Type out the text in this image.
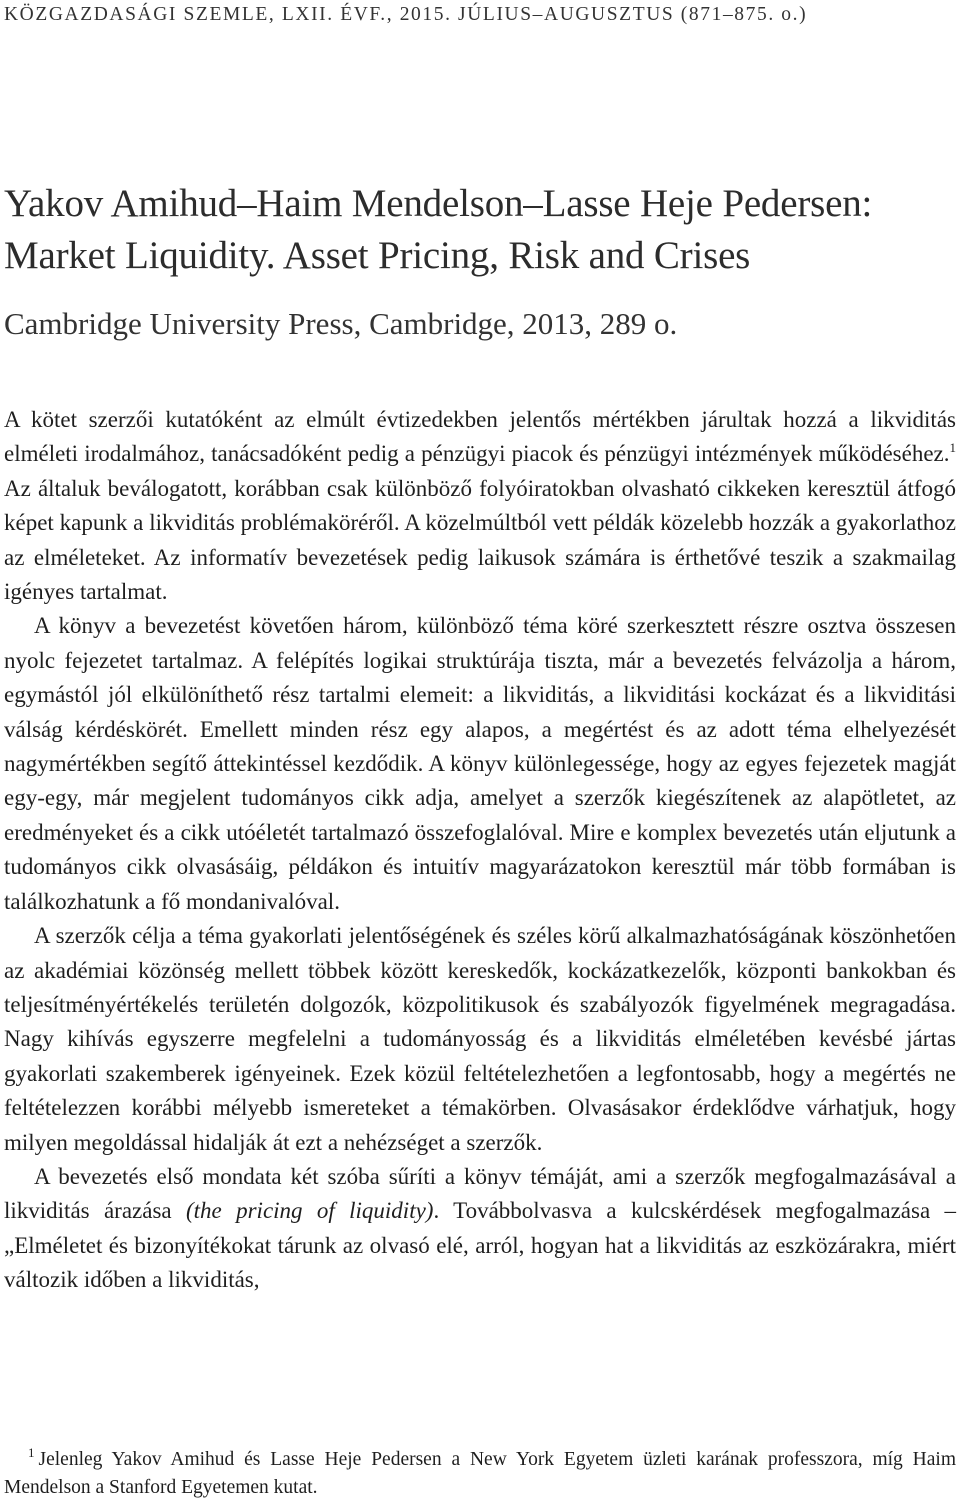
KÖZGAZDASÁGI SZEMLE, LXII. ÉVF., 2015. JÚLIUS–AUGUSZTUS (871–875. o.)
Yakov Amihud–Haim Mendelson–Lasse Heje Pedersen:
Market Liquidity. Asset Pricing, Risk and Crises
Cambridge University Press, Cambridge, 2013, 289 o.

A kötet szerzői kutatóként az elmúlt évtizedekben jelentős mértékben járultak hozzá a likviditás elméleti irodalmához, tanácsadóként pedig a pénzügyi piacok és pénzügyi intézmények működéséhez.$^1$ Az általuk beválogatott, korábban csak különböző folyóiratokban olvasható cikkeken keresztül átfogó képet kapunk a likviditás problémaköréről. A közelmúltból vett példák közelebb hozzák a gyakorlathoz az elméleteket. Az informatív bevezetések pedig laikusok számára is érthetővé teszik a szakmailag igényes tartalmat.

A könyv a bevezetést követően három, különböző téma köré szerkesztett részre osztva összesen nyolc fejezetet tartalmaz. A felépítés logikai struktúrája tiszta, már a bevezetés felvázolja a három, egymástól jól elkülöníthető rész tartalmi elemeit: a likviditás, a likviditási kockázat és a likviditási válság kérdéskörét. Emellett minden rész egy alapos, a megértést és az adott téma elhelyezését nagymértékben segítő áttekintéssel kezdődik. A könyv különlegessége, hogy az egyes fejezetek magját egy-egy, már megjelent tudományos cikk adja, amelyet a szerzők kiegészítenek az alapötletet, az eredményeket és a cikk utóéletét tartalmazó összefoglalóval. Mire e komplex bevezetés után eljutunk a tudományos cikk olvasásáig, példákon és intuitív magyarázatokon keresztül már több formában is találkozhatunk a fő mondanivalóval.

A szerzők célja a téma gyakorlati jelentőségének és széles körű alkalmazhatóságának köszönhetően az akadémiai közönség mellett többek között kereskedők, kockázatkezelők, központi bankokban és teljesítményértékelés területén dolgozók, közpolitikusok és szabályozók figyelmének megragadása. Nagy kihívás egyszerre megfelelni a tudományosság és a likviditás elméletében kevésbé jártas gyakorlati szakemberek igényeinek. Ezek közül feltételezhetően a legfontosabb, hogy a megértés ne feltételezzen korábbi mélyebb ismereteket a témakörben. Olvasásakor érdeklődve várhatjuk, hogy milyen megoldással hidalják át ezt a nehézséget a szerzők.

A bevezetés első mondata két szóba sűríti a könyv témáját, ami a szerzők megfogalmazásával a likviditás árazása (the pricing of liquidity). Továbbolvasva a kulcskérdések megfogalmazása – „Elméletet és bizonyítékokat tárunk az olvasó elé, arról, hogyan hat a likviditás az eszközárakra, miért változik időben a likviditás,

$^1$ Jelenleg Yakov Amihud és Lasse Heje Pedersen a New York Egyetem üzleti karának professzora, míg Haim Mendelson a Stanford Egyetemen kutat.
